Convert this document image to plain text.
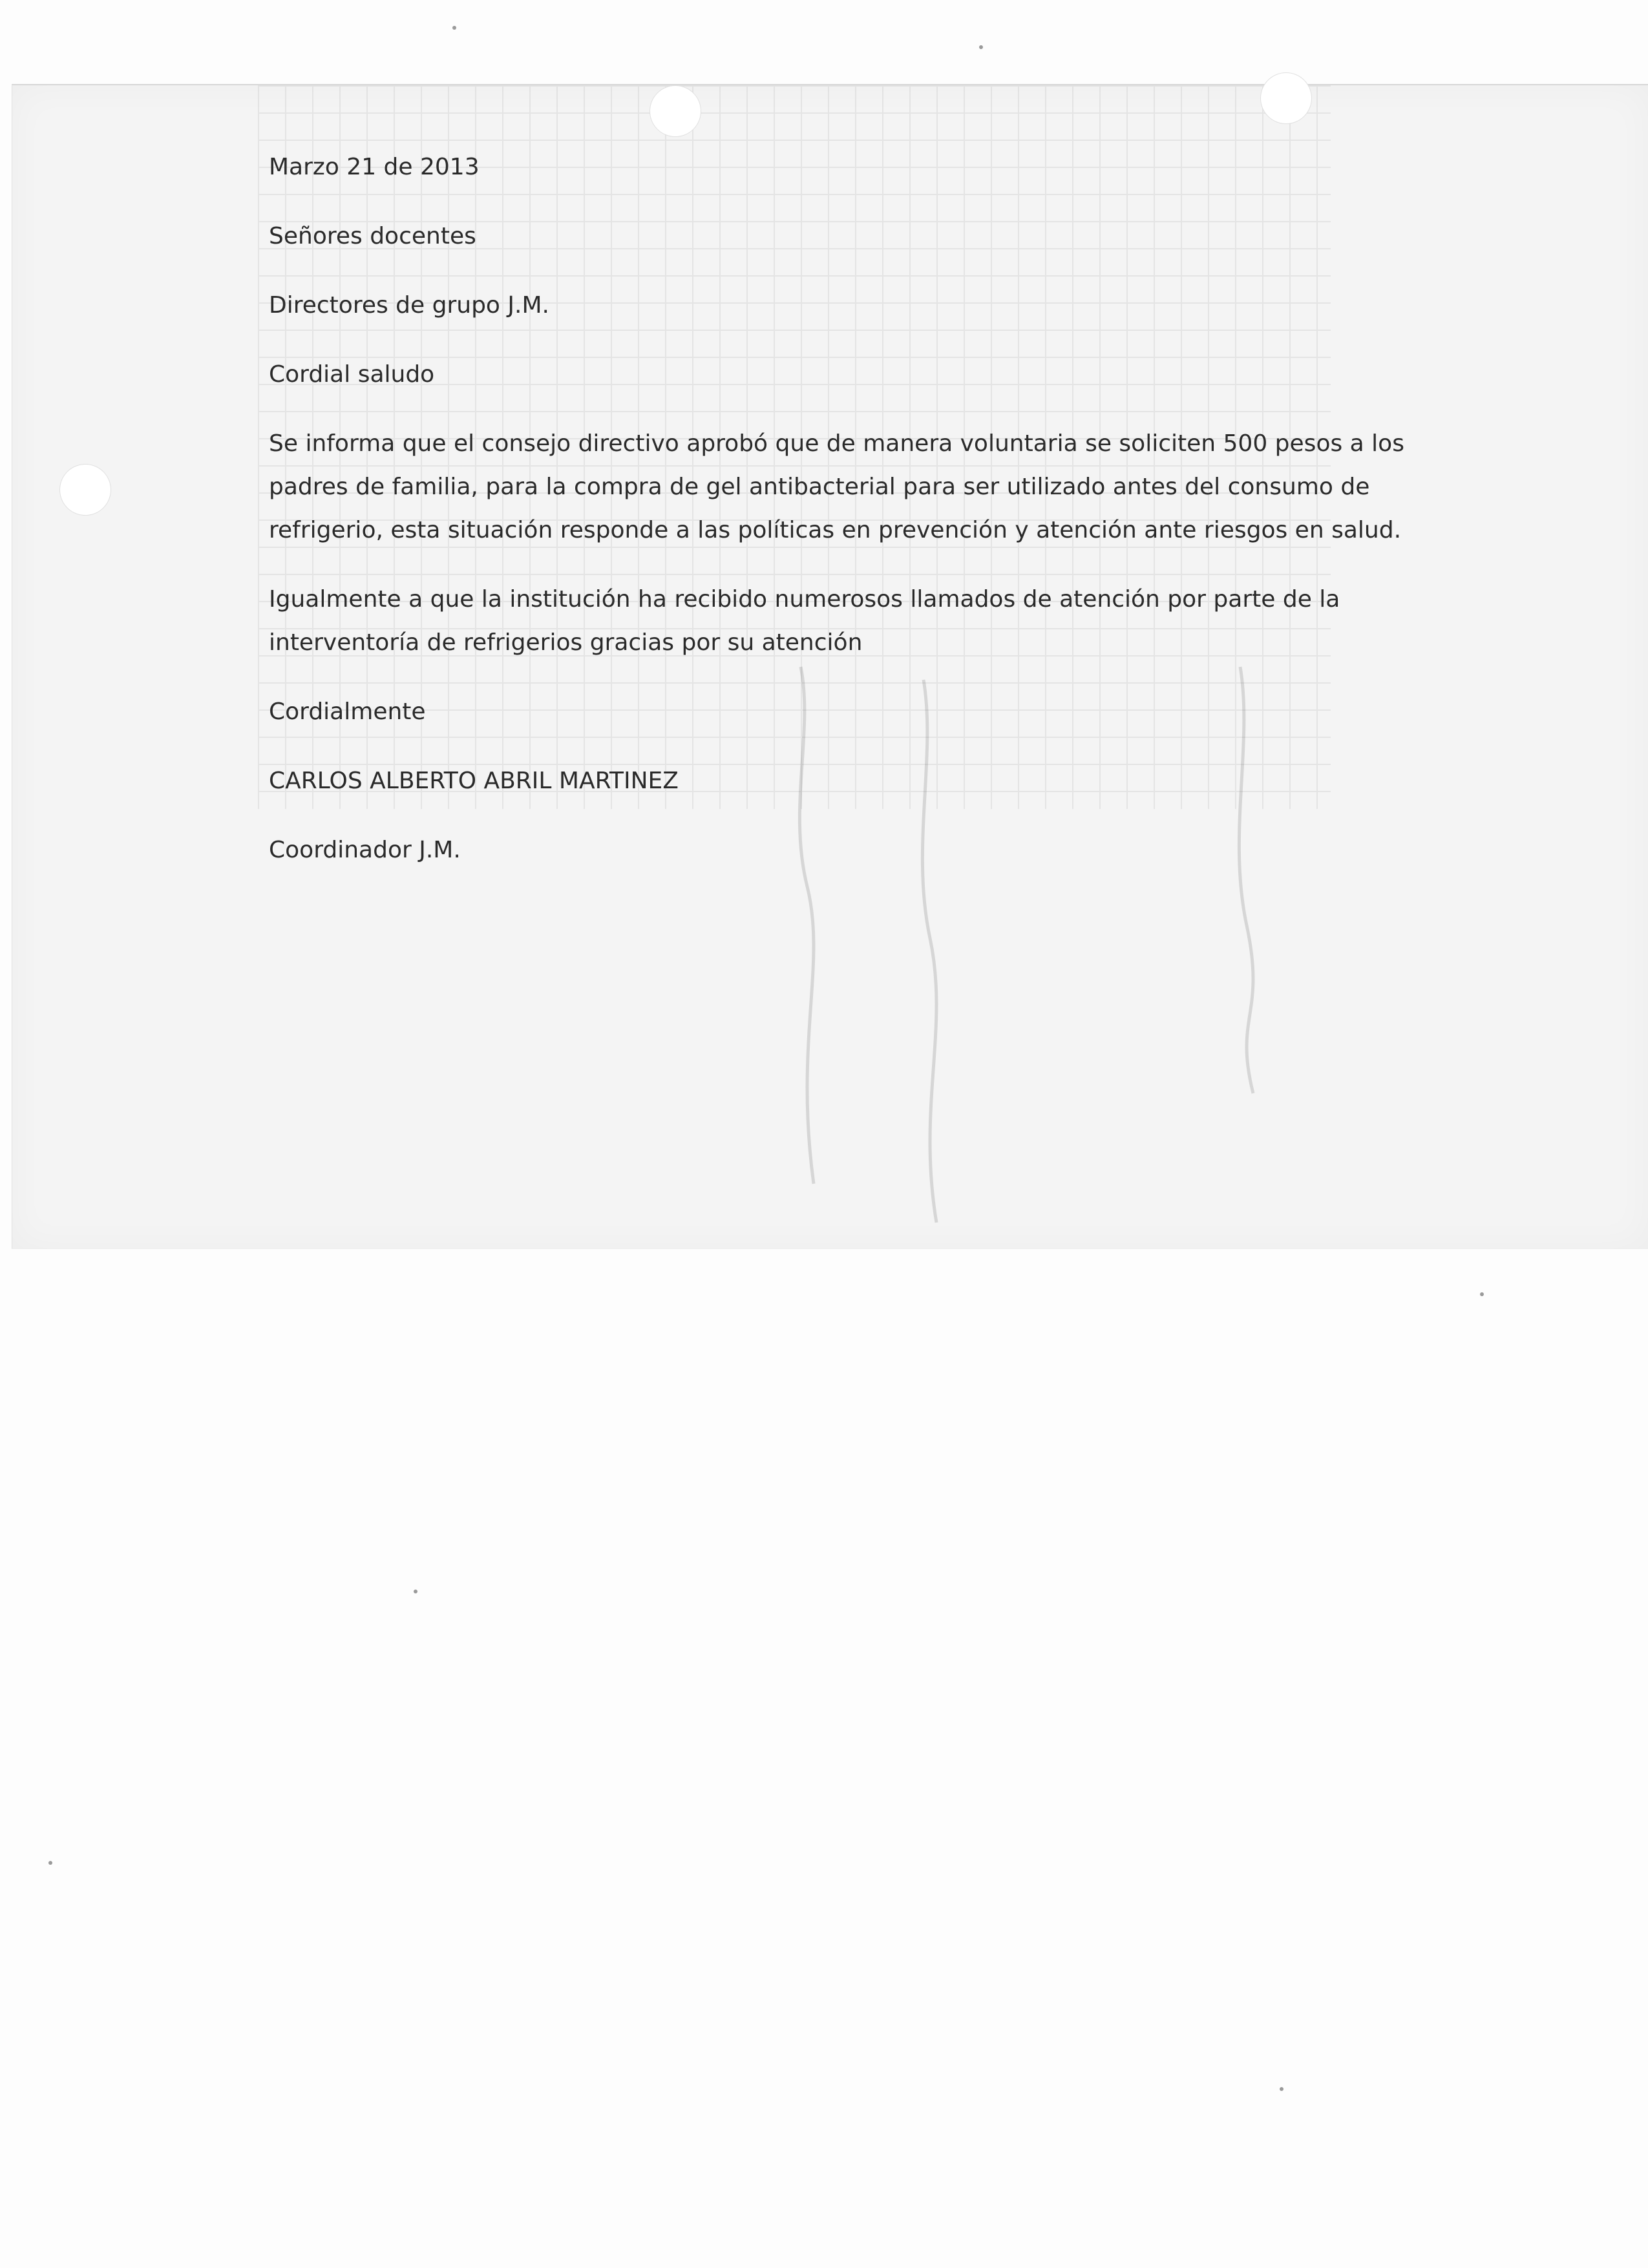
Marzo 21 de 2013

Señores docentes

Directores de grupo J.M.

Cordial saludo

Se informa que el consejo directivo aprobó que de manera voluntaria se soliciten 500 pesos a los padres de familia, para la compra de gel antibacterial para ser utilizado antes del consumo de refrigerio, esta situación responde a las políticas en prevención y atención ante riesgos en salud.

Igualmente a que la institución ha recibido numerosos llamados de atención por parte de la interventoría de refrigerios gracias por su atención

Cordialmente

CARLOS ALBERTO ABRIL MARTINEZ

Coordinador J.M.
